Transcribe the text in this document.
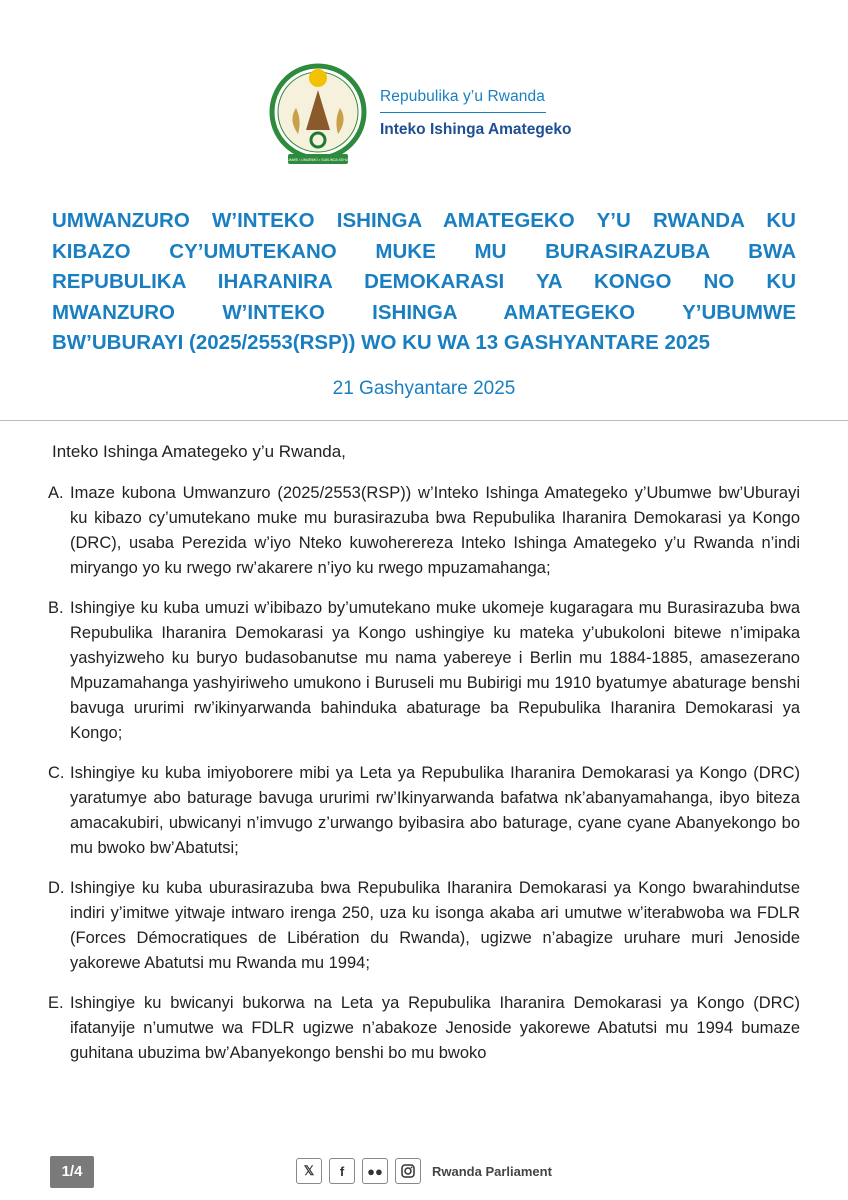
UBUMWE • UMURIMO • GUKUNDA IGIHUGU
Repubulika y’u Rwanda
Inteko Ishinga Amategeko
UMWANZURO W’INTEKO ISHINGA AMATEGEKO Y’U RWANDA KU
KIBAZO CY’UMUTEKANO MUKE MU BURASIRAZUBA BWA
REPUBULIKA IHARANIRA DEMOKARASI YA KONGO NO KU
MWANZURO W’INTEKO ISHINGA AMATEGEKO Y’UBUMWE
BW’UBURAYI (2025/2553(RSP)) WO KU WA 13 GASHYANTARE 2025
21 Gashyantare 2025
Inteko Ishinga Amategeko y’u Rwanda,
A. Imaze kubona Umwanzuro (2025/2553(RSP)) w’Inteko Ishinga Amategeko y’Ubumwe bw’Uburayi ku kibazo cy’umutekano muke mu burasirazuba bwa Repubulika Iharanira Demokarasi ya Kongo (DRC), usaba Perezida w’iyo Nteko kuwoherereza Inteko Ishinga Amategeko y’u Rwanda n’indi miryango yo ku rwego rw’akarere n’iyo ku rwego mpuzamahanga;
B. Ishingiye ku kuba umuzi w’ibibazo by’umutekano muke ukomeje kugaragara mu Burasirazuba bwa Repubulika Iharanira Demokarasi ya Kongo ushingiye ku mateka y’ubukoloni bitewe n’imipaka yashyizweho ku buryo budasobanutse mu nama yabereye i Berlin mu 1884-1885, amasezerano Mpuzamahanga yashyiriweho umukono i Buruseli mu Bubirigi mu 1910 byatumye abaturage benshi bavuga ururimi rw’ikinyarwanda bahinduka abaturage ba Repubulika Iharanira Demokarasi ya Kongo;
C. Ishingiye ku kuba imiyoborere mibi ya Leta ya Repubulika Iharanira Demokarasi ya Kongo (DRC) yaratumye abo baturage bavuga ururimi rw’Ikinyarwanda bafatwa nk’abanyamahanga, ibyo biteza amacakubiri, ubwicanyi n’imvugo z’urwango byibasira abo baturage, cyane cyane Abanyekongo bo mu bwoko bw’Abatutsi;
D. Ishingiye ku kuba uburasirazuba bwa Repubulika Iharanira Demokarasi ya Kongo bwarahindutse indiri y’imitwe yitwaje intwaro irenga 250, uza ku isonga akaba ari umutwe w’iterabwoba wa FDLR (Forces Démocratiques de Libération du Rwanda), ugizwe n’abagize uruhare muri Jenoside yakorewe Abatutsi mu Rwanda mu 1994;
E. Ishingiye ku bwicanyi bukorwa na Leta ya Repubulika Iharanira Demokarasi ya Kongo (DRC) ifatanyije n’umutwe wa FDLR ugizwe n’abakoze Jenoside yakorewe Abatutsi mu 1994 bumaze guhitana ubuzima bw’Abanyekongo benshi bo mu bwoko
1/4	𝕏	f	●●	Rwanda Parliament
